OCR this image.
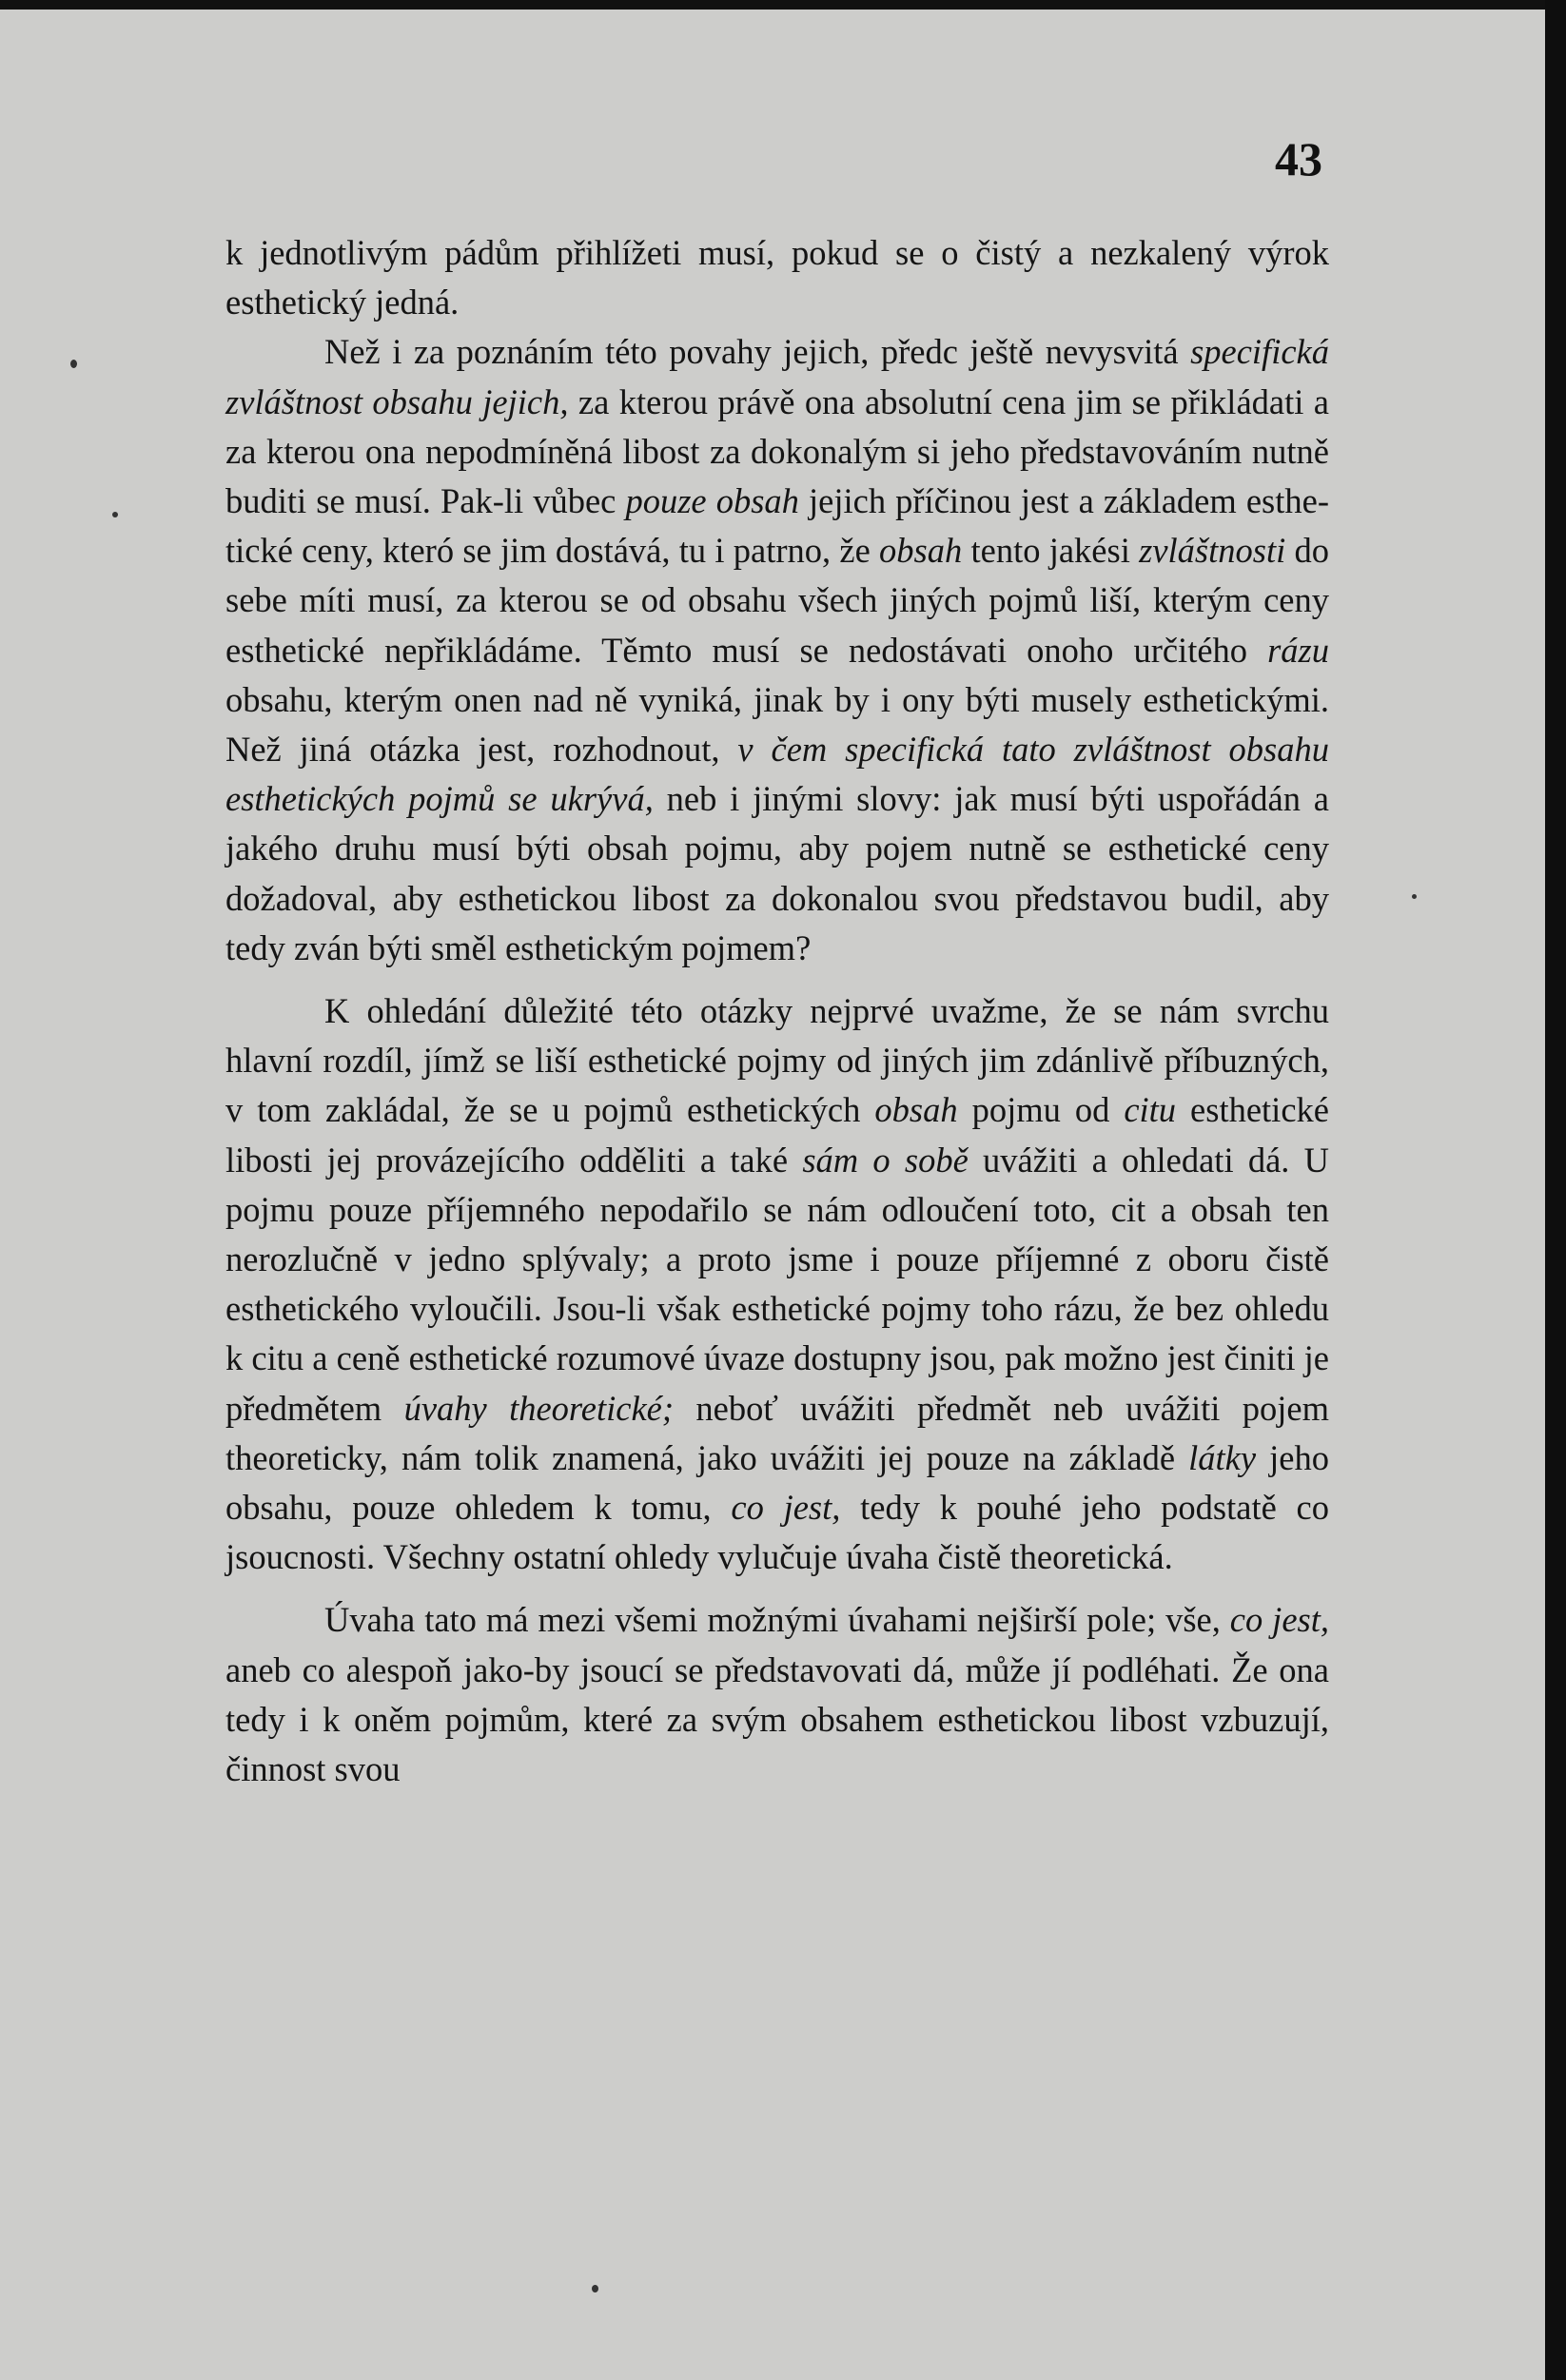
43

k jednotlivým pádům přihlížeti musí, pokud se o čistý a nezkalený výrok esthetický jedná.

Než i za poznáním této povahy jejich, předc ještě nevysvitá specifická zvláštnost obsahu jejich, za kterou právě ona absolutní cena jim se přikládati a za kterou ona nepodmíněná libost za dokonalým si jeho představováním nutně buditi se musí. Pak-li vůbec pouze obsah jejich příčinou jest a základem esthetické ceny, kteró se jim dostává, tu i patrno, že obsah tento jakési zvláštnosti do sebe míti musí, za kterou se od obsahu všech jiných pojmů liší, kterým ceny esthetické nepřikládáme. Těmto musí se nedostávati onoho určitého rázu obsahu, kterým onen nad ně vyniká, jinak by i ony býti musely esthetickými. Než jiná otázka jest, rozhodnout, v čem specifická tato zvláštnost obsahu esthetických pojmů se ukrývá, neb i jinými slovy: jak musí býti uspořádán a jakého druhu musí býti obsah pojmu, aby pojem nutně se esthetické ceny dožadoval, aby esthetickou libost za dokonalou svou představou budil, aby tedy zván býti směl esthetickým pojmem?

K ohledání důležité této otázky nejprvé uvažme, že se nám svrchu hlavní rozdíl, jímž se liší esthetické pojmy od jiných jim zdánlivě příbuzných, v tom zakládal, že se u pojmů esthetických obsah pojmu od citu esthetické libosti jej provázejícího odděliti a také sám o sobě uvážiti a ohledati dá. U pojmu pouze příjemného nepodařilo se nám odloučení toto, cit a obsah ten nerozlučně v jedno splývaly; a proto jsme i pouze příjemné z oboru čistě esthetického vyloučili. Jsou-li však esthetické pojmy toho rázu, že bez ohledu k citu a ceně esthetické rozumové úvaze dostupny jsou, pak možno jest činiti je předmětem úvahy theoretické; neboť uvážiti předmět neb uvážiti pojem theoreticky, nám tolik znamená, jako uvážiti jej pouze na základě látky jeho obsahu, pouze ohledem k tomu, co jest, tedy k pouhé jeho podstatě co jsoucnosti. Všechny ostatní ohledy vylučuje úvaha čistě theoretická.

Úvaha tato má mezi všemi možnými úvahami nejširší pole; vše, co jest, aneb co alespoň jako-by jsoucí se představovati dá, může jí podléhati. Že ona tedy i k oněm pojmům, které za svým obsahem esthetickou libost vzbuzují, činnost svou
